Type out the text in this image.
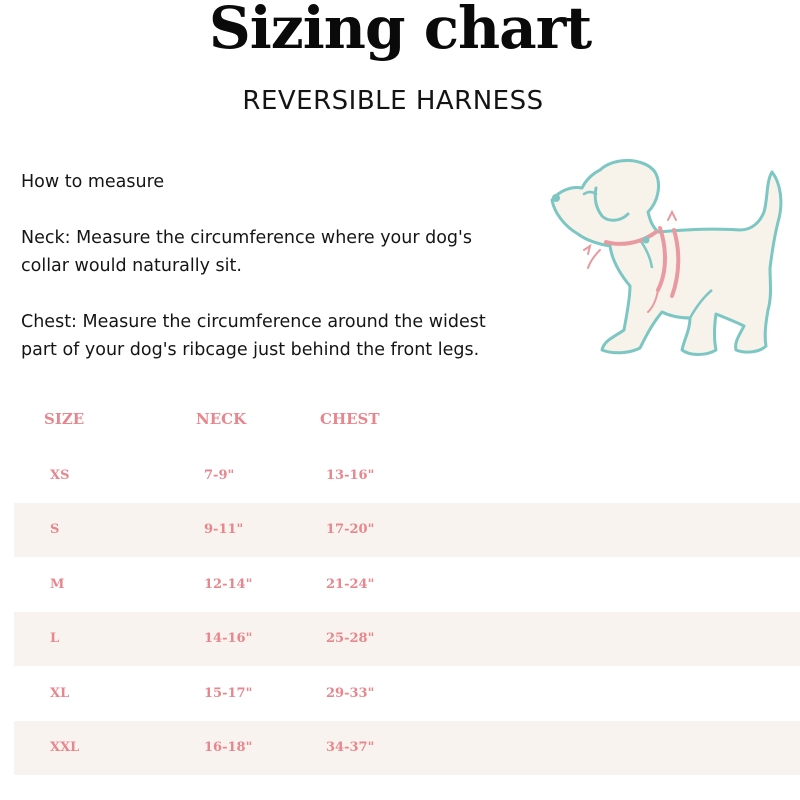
Sizing chart
REVERSIBLE HARNESS

How to measure

Neck: Measure the circumference where your dog's collar would naturally sit.

Chest: Measure the circumference around the widest part of your dog's ribcage just behind the front legs.

SIZE	NECK	CHEST
XS	7-9"	13-16"
S	9-11"	17-20"
M	12-14"	21-24"
L	14-16"	25-28"
XL	15-17"	29-33"
XXL	16-18"	34-37"
